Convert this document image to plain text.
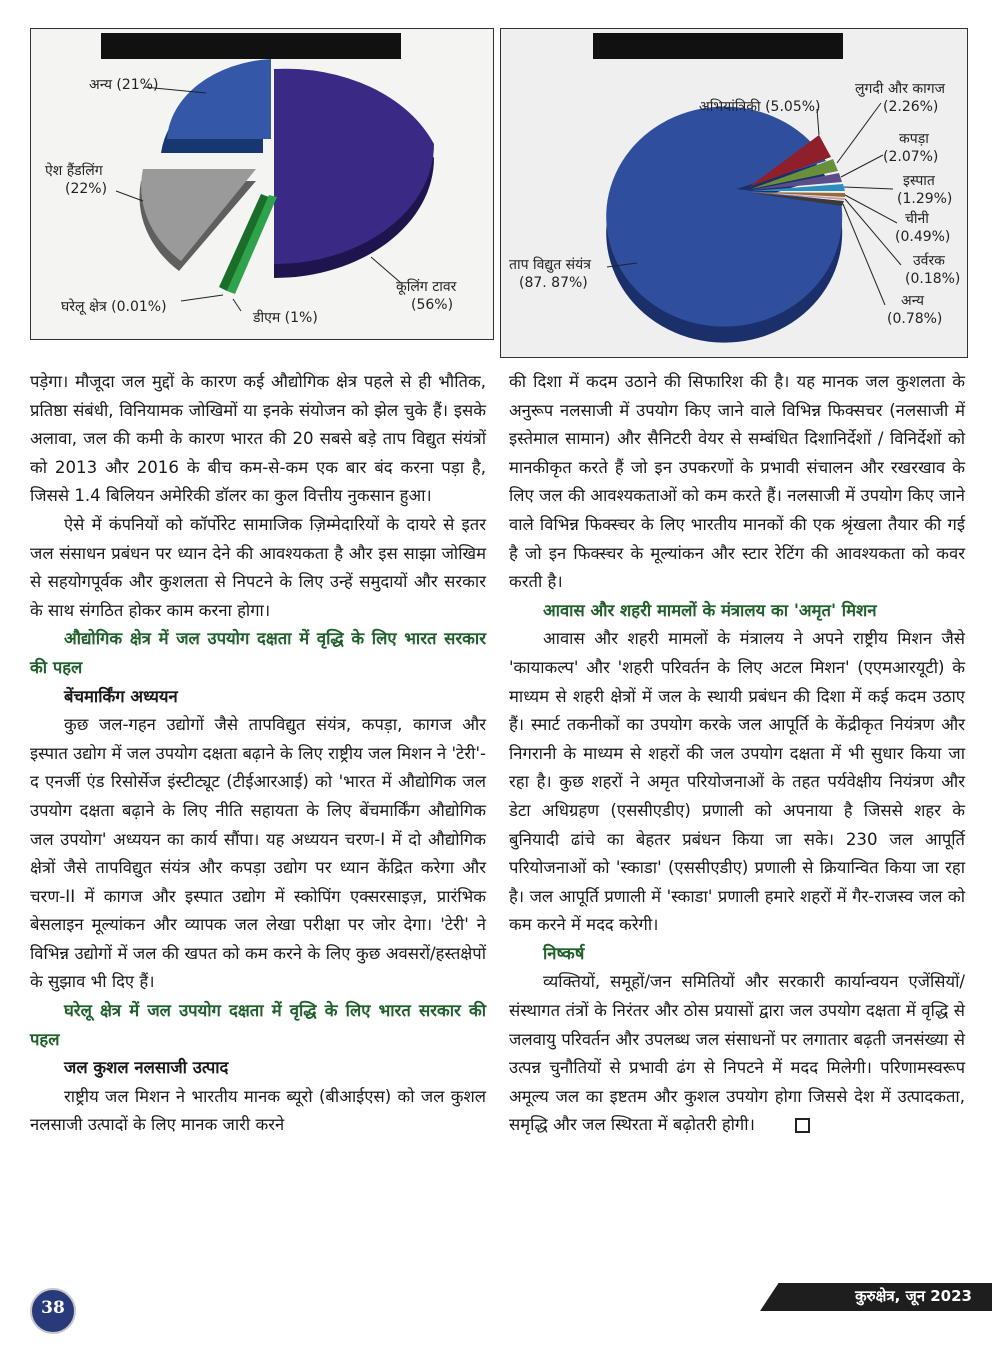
अन्य (21%)
ऐश हैंडलिंग
(22%)
घरेलू क्षेत्र (0.01%)
डीएम (1%)
कूलिंग टावर
(56%)
अभियांत्रिकी (5.05%)
लुगदी और कागज
(2.26%)
कपड़ा
(2.07%)
इस्पात
(1.29%)
चीनी
(0.49%)
उर्वरक
(0.18%)
अन्य
(0.78%)
ताप विद्युत संयंत्र
(87. 87%)

पड़ेगा। मौजूदा जल मुद्दों के कारण कई औद्योगिक क्षेत्र पहले से ही भौतिक, प्रतिष्ठा संबंधी, विनियामक जोखिमों या इनके संयोजन को झेल चुके हैं। इसके अलावा, जल की कमी के कारण भारत की 20 सबसे बड़े ताप विद्युत संयंत्रों को 2013 और 2016 के बीच कम-से-कम एक बार बंद करना पड़ा है, जिससे 1.4 बिलियन अमेरिकी डॉलर का कुल वित्तीय नुकसान हुआ।

ऐसे में कंपनियों को कॉर्पोरेट सामाजिक ज़िम्मेदारियों के दायरे से इतर जल संसाधन प्रबंधन पर ध्यान देने की आवश्यकता है और इस साझा जोखिम से सहयोगपूर्वक और कुशलता से निपटने के लिए उन्हें समुदायों और सरकार के साथ संगठित होकर काम करना होगा।

औद्योगिक क्षेत्र में जल उपयोग दक्षता में वृद्धि के लिए भारत सरकार की पहल

बेंचमार्किंग अध्ययन

कुछ जल-गहन उद्योगों जैसे तापविद्युत संयंत्र, कपड़ा, कागज और इस्पात उद्योग में जल उपयोग दक्षता बढ़ाने के लिए राष्ट्रीय जल मिशन ने 'टेरी'- द एनर्जी एंड रिसोर्सेज इंस्टीट्यूट (टीईआरआई) को 'भारत में औद्योगिक जल उपयोग दक्षता बढ़ाने के लिए नीति सहायता के लिए बेंचमार्किंग औद्योगिक जल उपयोग' अध्ययन का कार्य सौंपा। यह अध्ययन चरण-I में दो औद्योगिक क्षेत्रों जैसे तापविद्युत संयंत्र और कपड़ा उद्योग पर ध्यान केंद्रित करेगा और चरण-II में कागज और इस्पात उद्योग में स्कोपिंग एक्सरसाइज़, प्रारंभिक बेसलाइन मूल्यांकन और व्यापक जल लेखा परीक्षा पर जोर देगा। 'टेरी' ने विभिन्न उद्योगों में जल की खपत को कम करने के लिए कुछ अवसरों/हस्तक्षेपों के सुझाव भी दिए हैं।

घरेलू क्षेत्र में जल उपयोग दक्षता में वृद्धि के लिए भारत सरकार की पहल

जल कुशल नलसाजी उत्पाद

राष्ट्रीय जल मिशन ने भारतीय मानक ब्यूरो (बीआईएस) को जल कुशल नलसाजी उत्पादों के लिए मानक जारी करने

की दिशा में कदम उठाने की सिफारिश की है। यह मानक जल कुशलता के अनुरूप नलसाजी में उपयोग किए जाने वाले विभिन्न फिक्सचर (नलसाजी में इस्तेमाल सामान) और सैनिटरी वेयर से सम्बंधित दिशानिर्देशों / विनिर्देशों को मानकीकृत करते हैं जो इन उपकरणों के प्रभावी संचालन और रखरखाव के लिए जल की आवश्यकताओं को कम करते हैं। नलसाजी में उपयोग किए जाने वाले विभिन्न फिक्स्चर के लिए भारतीय मानकों की एक श्रृंखला तैयार की गई है जो इन फिक्स्चर के मूल्यांकन और स्टार रेटिंग की आवश्यकता को कवर करती है।

आवास और शहरी मामलों के मंत्रालय का 'अमृत' मिशन

आवास और शहरी मामलों के मंत्रालय ने अपने राष्ट्रीय मिशन जैसे 'कायाकल्प' और 'शहरी परिवर्तन के लिए अटल मिशन' (एएमआरयूटी) के माध्यम से शहरी क्षेत्रों में जल के स्थायी प्रबंधन की दिशा में कई कदम उठाए हैं। स्मार्ट तकनीकों का उपयोग करके जल आपूर्ति के केंद्रीकृत नियंत्रण और निगरानी के माध्यम से शहरों की जल उपयोग दक्षता में भी सुधार किया जा रहा है। कुछ शहरों ने अमृत परियोजनाओं के तहत पर्यवेक्षीय नियंत्रण और डेटा अधिग्रहण (एससीएडीए) प्रणाली को अपनाया है जिससे शहर के बुनियादी ढांचे का बेहतर प्रबंधन किया जा सके। 230 जल आपूर्ति परियोजनाओं को 'स्काडा' (एससीएडीए) प्रणाली से क्रियान्वित किया जा रहा है। जल आपूर्ति प्रणाली में 'स्काडा' प्रणाली हमारे शहरों में गैर-राजस्व जल को कम करने में मदद करेगी।

निष्कर्ष

व्यक्तियों, समूहों/जन समितियों और सरकारी कार्यान्वयन एजेंसियों/संस्थागत तंत्रों के निरंतर और ठोस प्रयासों द्वारा जल उपयोग दक्षता में वृद्धि से जलवायु परिवर्तन और उपलब्ध जल संसाधनों पर लगातार बढ़ती जनसंख्या से उत्पन्न चुनौतियों से प्रभावी ढंग से निपटने में मदद मिलेगी। परिणामस्वरूप अमूल्य जल का इष्टतम और कुशल उपयोग होगा जिससे देश में उत्पादकता, समृद्धि और जल स्थिरता में बढ़ोतरी होगी।

38
कुरुक्षेत्र, जून 2023
